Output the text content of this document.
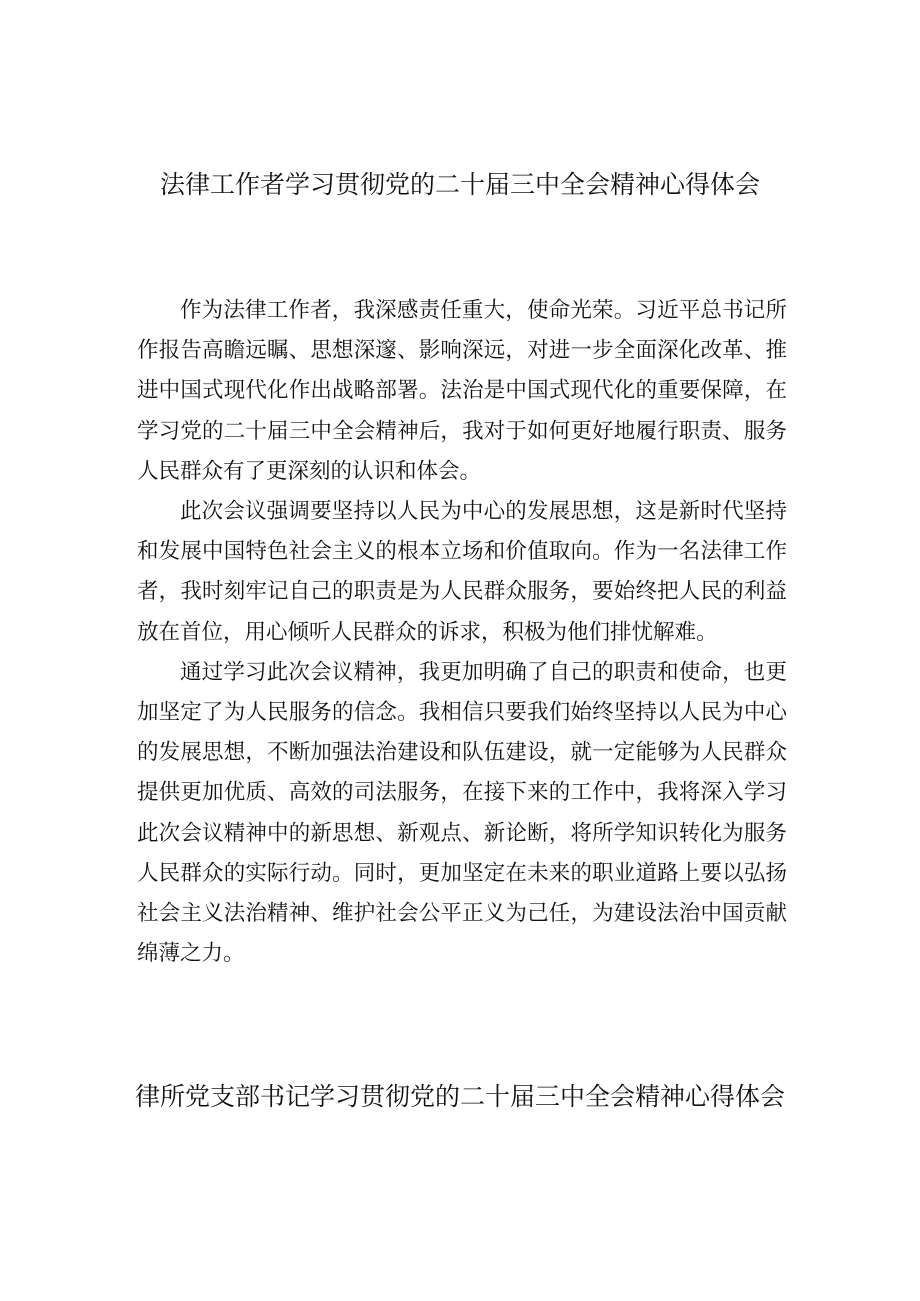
法律工作者学习贯彻党的二十届三中全会精神心得体会

作为法律工作者，我深感责任重大，使命光荣。习近平总书记所作报告高瞻远瞩、思想深邃、影响深远，对进一步全面深化改革、推进中国式现代化作出战略部署。法治是中国式现代化的重要保障，在学习党的二十届三中全会精神后，我对于如何更好地履行职责、服务人民群众有了更深刻的认识和体会。

此次会议强调要坚持以人民为中心的发展思想，这是新时代坚持和发展中国特色社会主义的根本立场和价值取向。作为一名法律工作者，我时刻牢记自己的职责是为人民群众服务，要始终把人民的利益放在首位，用心倾听人民群众的诉求，积极为他们排忧解难。

通过学习此次会议精神，我更加明确了自己的职责和使命，也更加坚定了为人民服务的信念。我相信只要我们始终坚持以人民为中心的发展思想，不断加强法治建设和队伍建设，就一定能够为人民群众提供更加优质、高效的司法服务，在接下来的工作中，我将深入学习此次会议精神中的新思想、新观点、新论断，将所学知识转化为服务人民群众的实际行动。同时，更加坚定在未来的职业道路上要以弘扬社会主义法治精神、维护社会公平正义为己任，为建设法治中国贡献绵薄之力。

律所党支部书记学习贯彻党的二十届三中全会精神心得体会
